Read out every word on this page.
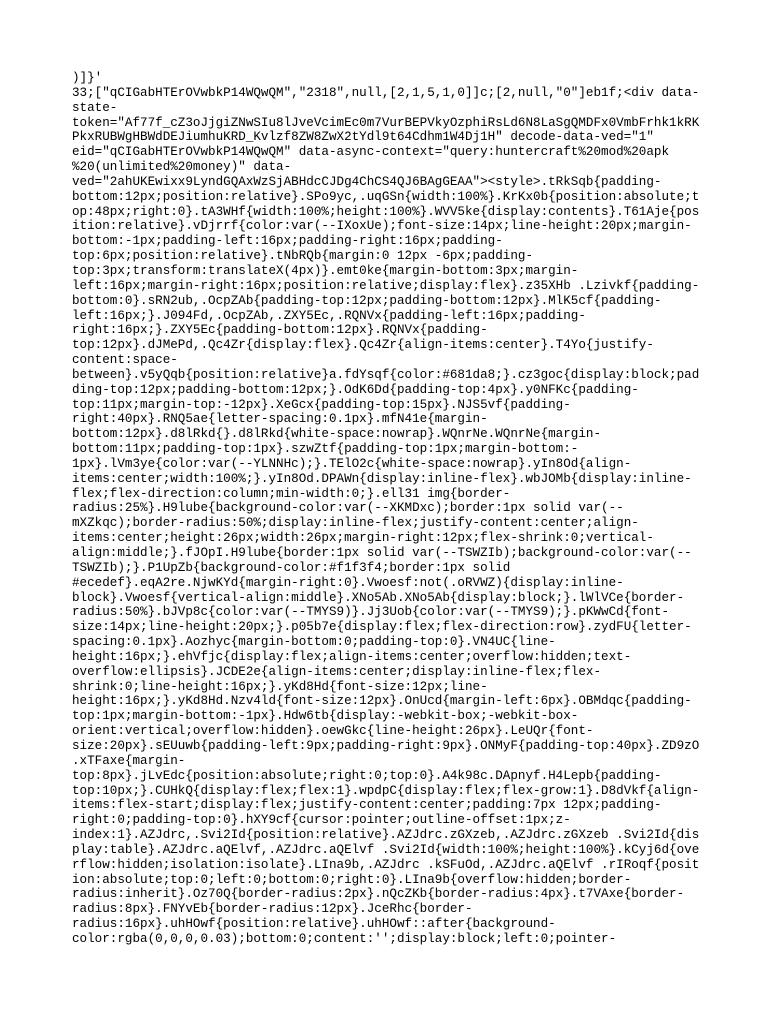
)]}'
33;["qCIGabHTErOVwbkP14WQwQM","2318",null,[2,1,5,1,0]]c;[2,null,"0"]eb1f;<div data-
state-
token="Af77f_cZ3oJjgiZNwSIu8lJveVcimEc0m7VurBEPVkyOzphiRsLd6N8LaSgQMDFx0VmbFrhk1kRK
PkxRUBWgHBWdDEJiumhuKRD_Kvlzf8ZW8ZwX2tYdl9t64Cdhm1W4Dj1H" decode-data-ved="1"
eid="qCIGabHTErOVwbkP14WQwQM" data-async-context="query:huntercraft%20mod%20apk
%20(unlimited%20money)" data-
ved="2ahUKEwixx9LyndGQAxWzSjABHdcCJDg4ChCS4QJ6BAgGEAA"><style>.tRkSqb{padding-
bottom:12px;position:relative}.SPo9yc,.uqGSn{width:100%}.KrKx0b{position:absolute;t
op:48px;right:0}.tA3WHf{width:100%;height:100%}.WVV5ke{display:contents}.T61Aje{pos
ition:relative}.vDjrrf{color:var(--IXoxUe);font-size:14px;line-height:20px;margin-
bottom:-1px;padding-left:16px;padding-right:16px;padding-
top:6px;position:relative}.tNbRQb{margin:0 12px -6px;padding-
top:3px;transform:translateX(4px)}.emt0ke{margin-bottom:3px;margin-
left:16px;margin-right:16px;position:relative;display:flex}.z35XHb .Lzivkf{padding-
bottom:0}.sRN2ub,.OcpZAb{padding-top:12px;padding-bottom:12px}.MlK5cf{padding-
left:16px;}.J094Fd,.OcpZAb,.ZXY5Ec,.RQNVx{padding-left:16px;padding-
right:16px;}.ZXY5Ec{padding-bottom:12px}.RQNVx{padding-
top:12px}.dJMePd,.Qc4Zr{display:flex}.Qc4Zr{align-items:center}.T4Yo{justify-
content:space-
between}.v5yQqb{position:relative}a.fdYsqf{color:#681da8;}.cz3goc{display:block;pad
ding-top:12px;padding-bottom:12px;}.OdK6Dd{padding-top:4px}.y0NFKc{padding-
top:11px;margin-top:-12px}.XeGcx{padding-top:15px}.NJS5vf{padding-
right:40px}.RNQ5ae{letter-spacing:0.1px}.mfN41e{margin-
bottom:12px}.d8lRkd{}.d8lRkd{white-space:nowrap}.WQnrNe.WQnrNe{margin-
bottom:11px;padding-top:1px}.szwZtf{padding-top:1px;margin-bottom:-
1px}.lVm3ye{color:var(--YLNNHc);}.TElO2c{white-space:nowrap}.yIn8Od{align-
items:center;width:100%;}.yIn8Od.DPAWn{display:inline-flex}.wbJOMb{display:inline-
flex;flex-direction:column;min-width:0;}.ell31 img{border-
radius:25%}.H9lube{background-color:var(--XKMDxc);border:1px solid var(--
mXZkqc);border-radius:50%;display:inline-flex;justify-content:center;align-
items:center;height:26px;width:26px;margin-right:12px;flex-shrink:0;vertical-
align:middle;}.fJOpI.H9lube{border:1px solid var(--TSWZIb);background-color:var(--
TSWZIb);}.P1UpZb{background-color:#f1f3f4;border:1px solid
#ecedef}.eqA2re.NjwKYd{margin-right:0}.Vwoesf:not(.oRVWZ){display:inline-
block}.Vwoesf{vertical-align:middle}.XNo5Ab.XNo5Ab{display:block;}.lWlVCe{border-
radius:50%}.bJVp8c{color:var(--TMYS9)}.Jj3Uob{color:var(--TMYS9);}.pKWwCd{font-
size:14px;line-height:20px;}.p05b7e{display:flex;flex-direction:row}.zydFU{letter-
spacing:0.1px}.Aozhyc{margin-bottom:0;padding-top:0}.VN4UC{line-
height:16px;}.ehVfjc{display:flex;align-items:center;overflow:hidden;text-
overflow:ellipsis}.JCDE2e{align-items:center;display:inline-flex;flex-
shrink:0;line-height:16px;}.yKd8Hd{font-size:12px;line-
height:16px;}.yKd8Hd.Nzv4ld{font-size:12px}.OnUcd{margin-left:6px}.OBMdqc{padding-
top:1px;margin-bottom:-1px}.Hdw6tb{display:-webkit-box;-webkit-box-
orient:vertical;overflow:hidden}.oewGkc{line-height:26px}.LeUQr{font-
size:20px}.sEUuwb{padding-left:9px;padding-right:9px}.ONMyF{padding-top:40px}.ZD9zO
.xTFaxe{margin-
top:8px}.jLvEdc{position:absolute;right:0;top:0}.A4k98c.DApnyf.H4Lepb{padding-
top:10px;}.CUHkQ{display:flex;flex:1}.wpdpC{display:flex;flex-grow:1}.D8dVkf{align-
items:flex-start;display:flex;justify-content:center;padding:7px 12px;padding-
right:0;padding-top:0}.hXY9cf{cursor:pointer;outline-offset:1px;z-
index:1}.AZJdrc,.Svi2Id{position:relative}.AZJdrc.zGXzeb,.AZJdrc.zGXzeb .Svi2Id{dis
play:table}.AZJdrc.aQElvf,.AZJdrc.aQElvf .Svi2Id{width:100%;height:100%}.kCyj6d{ove
rflow:hidden;isolation:isolate}.LIna9b,.AZJdrc .kSFuOd,.AZJdrc.aQElvf .rIRoqf{posit
ion:absolute;top:0;left:0;bottom:0;right:0}.LIna9b{overflow:hidden;border-
radius:inherit}.Oz70Q{border-radius:2px}.nQcZKb{border-radius:4px}.t7VAxe{border-
radius:8px}.FNYvEb{border-radius:12px}.JceRhc{border-
radius:16px}.uhHOwf{position:relative}.uhHOwf::after{background-
color:rgba(0,0,0,0.03);bottom:0;content:'';display:block;left:0;pointer-
